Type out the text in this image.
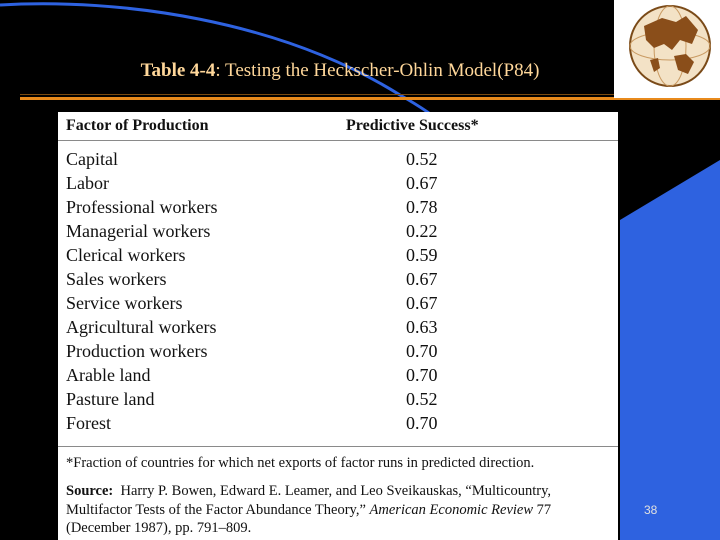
Table 4-4: Testing the Heckscher-Ohlin Model(P84)
Factor of Production	Predictive Success*
Capital	0.52
Labor	0.67
Professional workers	0.78
Managerial workers	0.22
Clerical workers	0.59
Sales workers	0.67
Service workers	0.67
Agricultural workers	0.63
Production workers	0.70
Arable land	0.70
Pasture land	0.52
Forest	0.70
*Fraction of countries for which net exports of factor runs in predicted direction.
Source: Harry P. Bowen, Edward E. Leamer, and Leo Sveikauskas, “Multicountry, Multifactor Tests of the Factor Abundance Theory,” American Economic Review 77 (December 1987), pp. 791–809.
38
